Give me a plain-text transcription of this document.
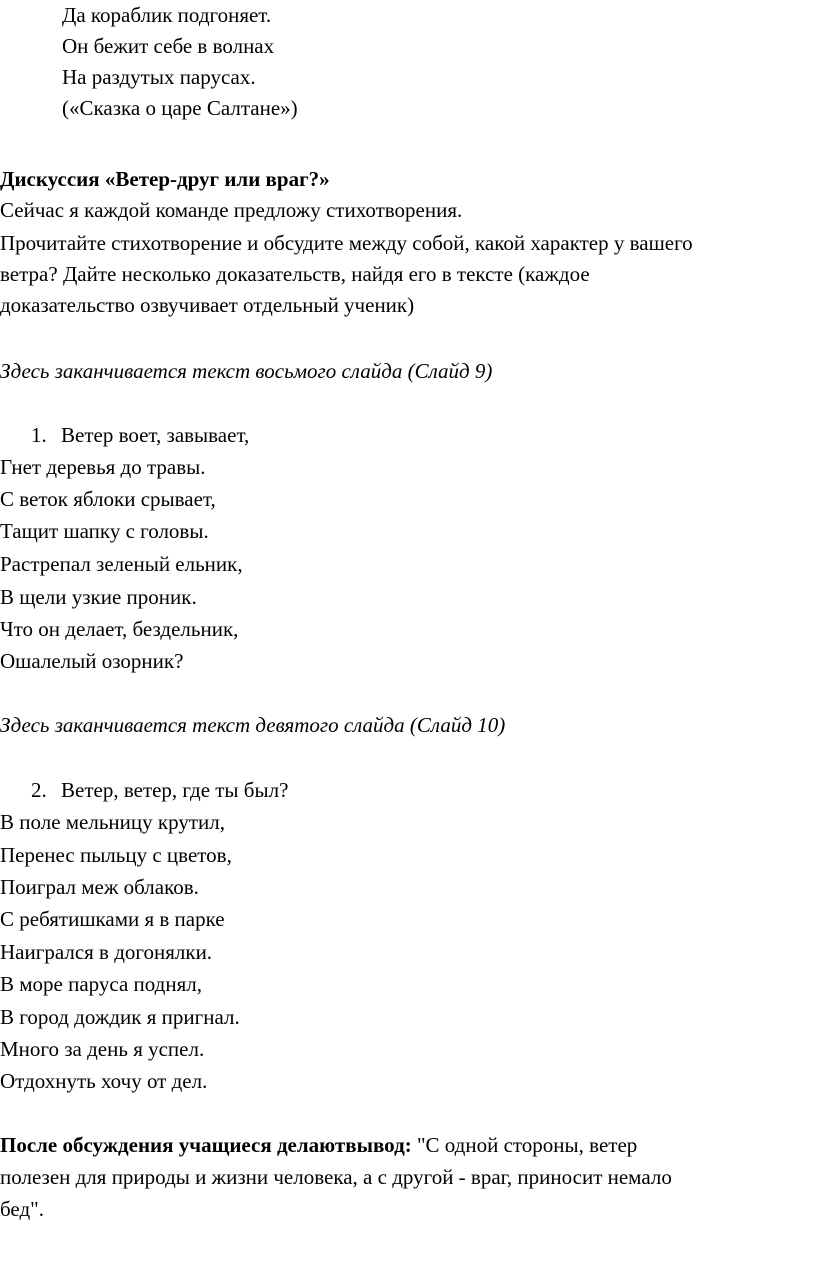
Да кораблик подгоняет.
Он бежит себе в волнах
На раздутых парусах.
(«Сказка о царе Салтане»)
Дискуссия «Ветер-друг или враг?»
Сейчас я каждой команде предложу стихотворения.
Прочитайте стихотворение и обсудите между собой, какой характер у вашего
ветра? Дайте несколько доказательств, найдя его в тексте (каждое
доказательство озвучивает отдельный ученик)
Здесь заканчивается текст восьмого слайда (Слайд 9)
1. Ветер воет, завывает,
Гнет деревья до травы.
С веток яблоки срывает,
Тащит шапку с головы.
Растрепал зеленый ельник,
В щели узкие проник.
Что он делает, бездельник,
Ошалелый озорник?
Здесь заканчивается текст девятого слайда (Слайд 10)
2. Ветер, ветер, где ты был?
В поле мельницу крутил,
Перенес пыльцу с цветов,
Поиграл меж облаков.
С ребятишками я в парке
Наигрался в догонялки.
В море паруса поднял,
В город дождик я пригнал.
Много за день я успел.
Отдохнуть хочу от дел.
После обсуждения учащиеся делаютвывод: "С одной стороны, ветер
полезен для природы и жизни человека, а с другой - враг, приносит немало
бед".
